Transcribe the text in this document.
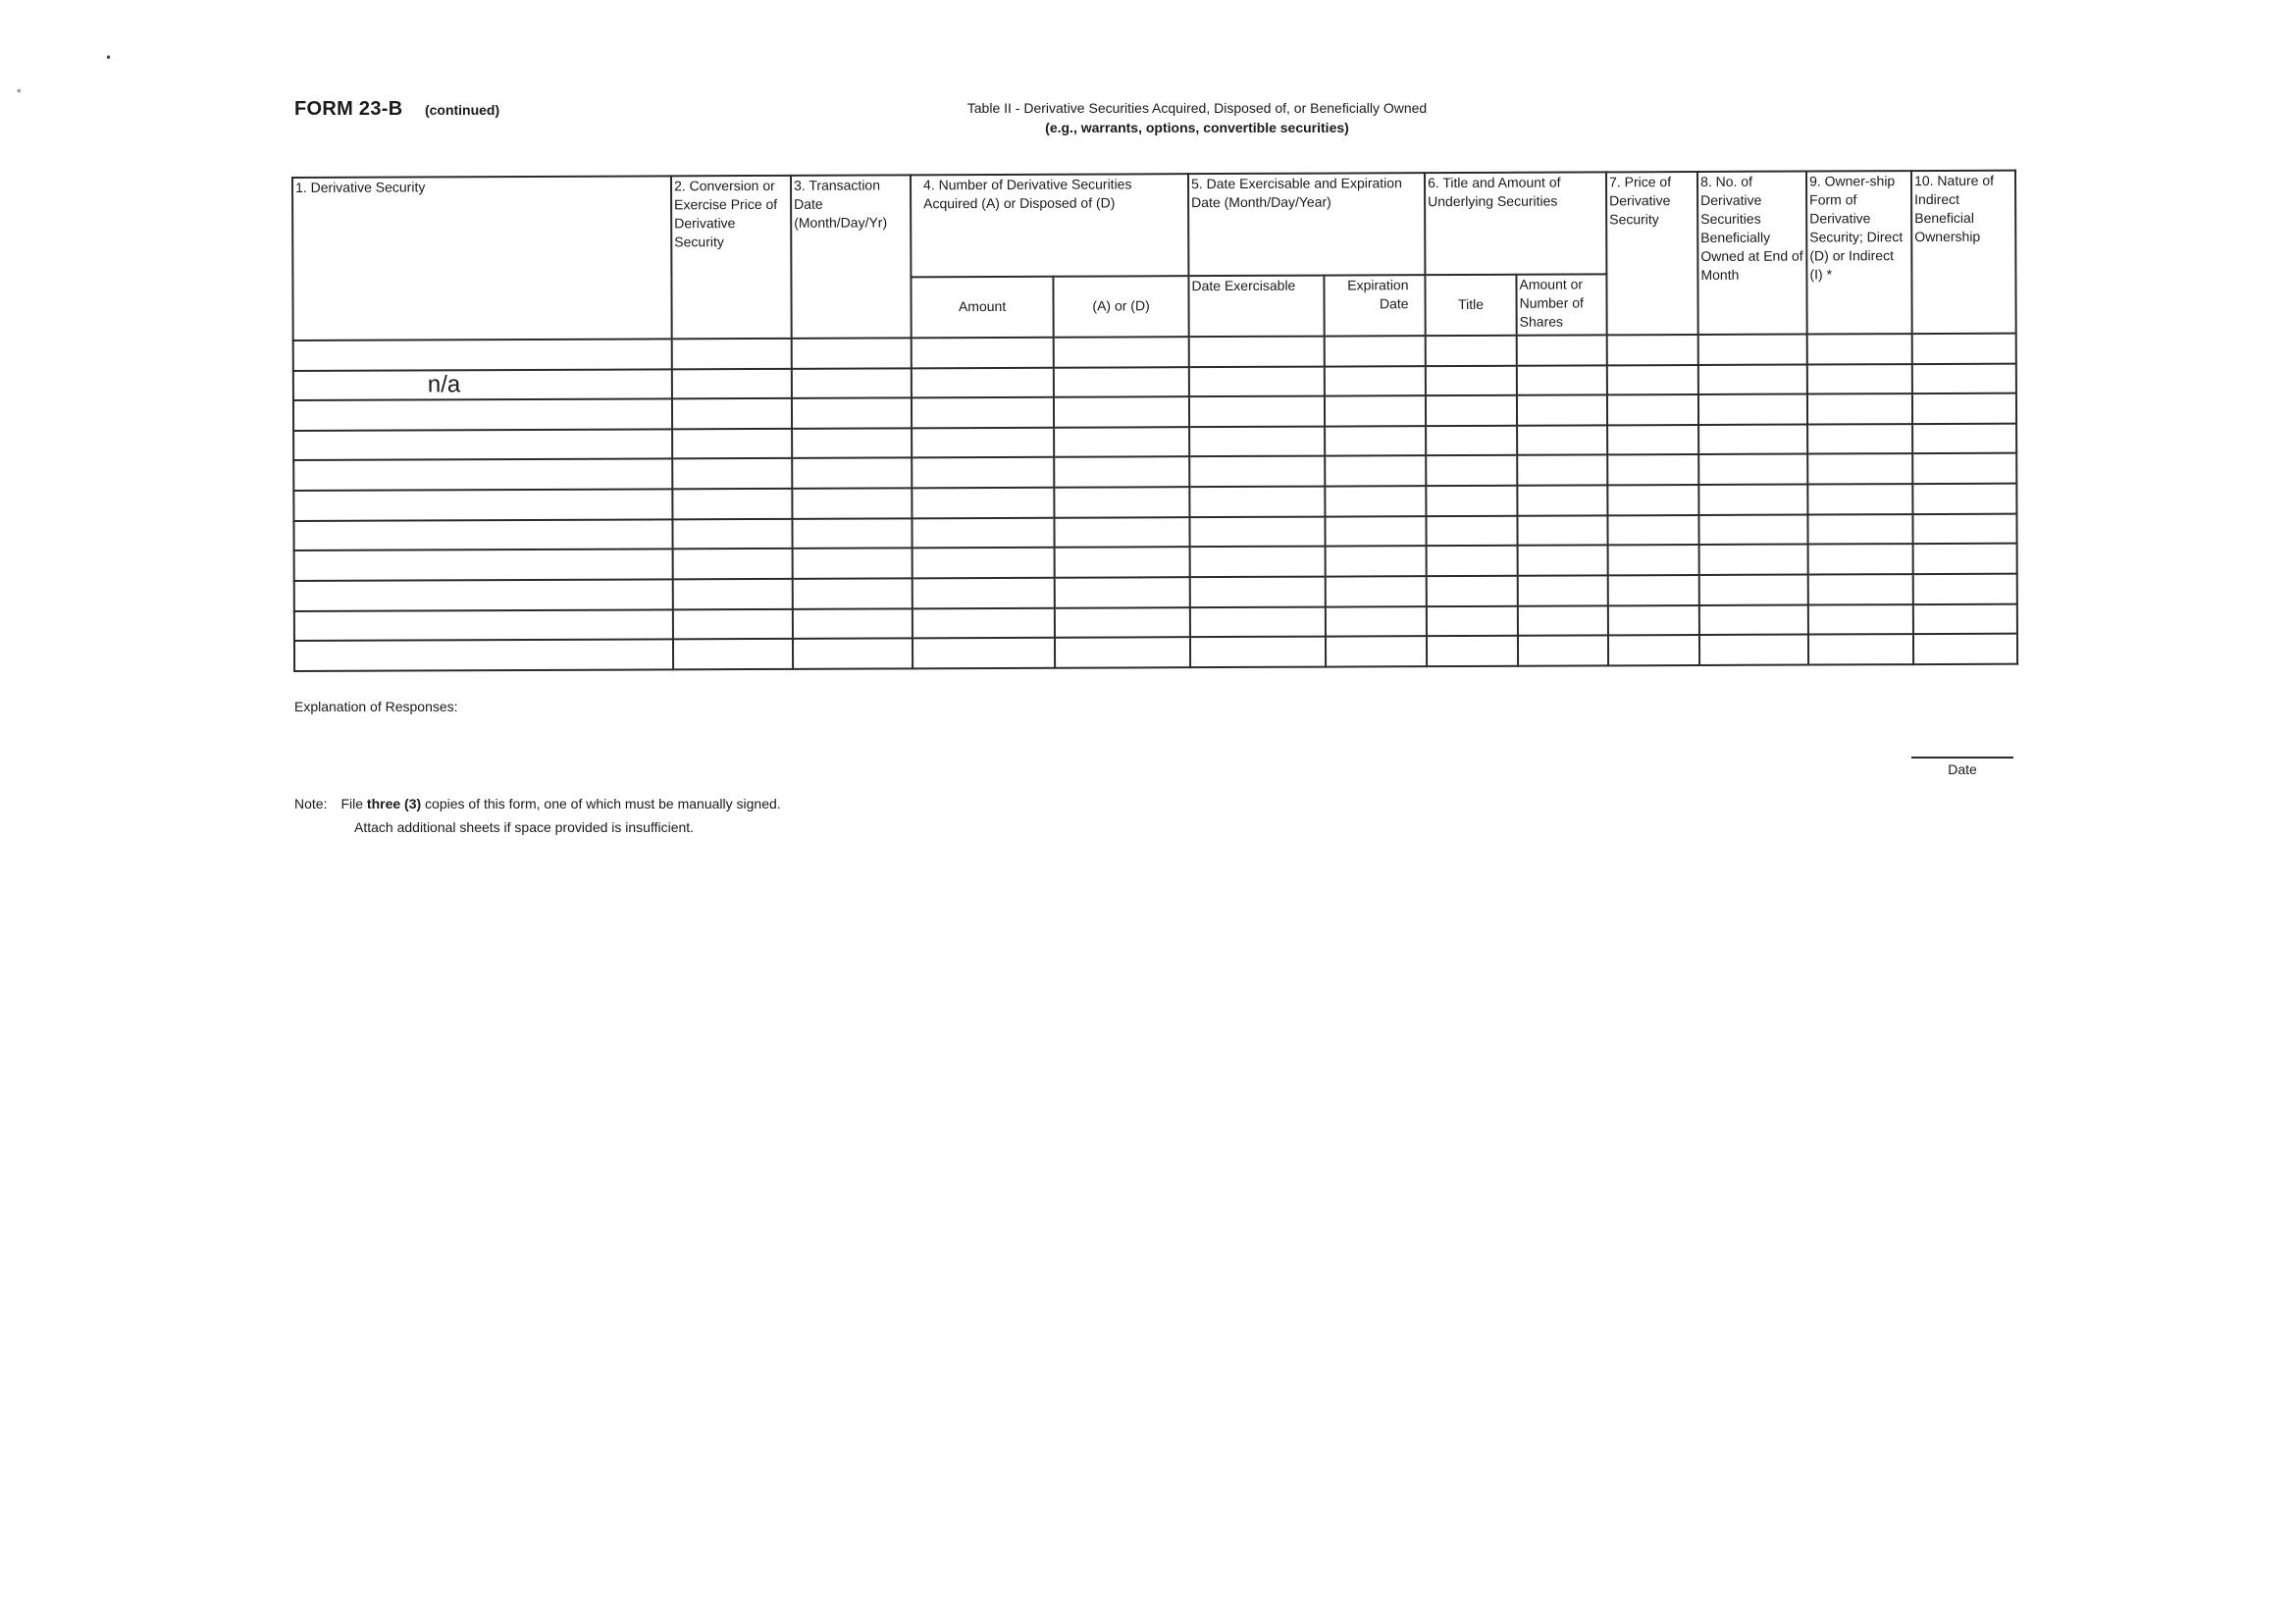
•
*
FORM 23-B (continued)	Table II - Derivative Securities Acquired, Disposed of, or Beneficially Owned
(e.g., warrants, options, convertible securities)
1. Derivative Security	2. Conversion or Exercise Price of Derivative Security	3. Transaction Date (Month/Day/Yr)	4. Number of Derivative Securities Acquired (A) or Disposed of (D)		5. Date Exercisable and Expiration Date (Month/Day/Year)		6. Title and Amount of Underlying Securities		7. Price of Derivative Security	8. No. of Derivative Securities Beneficially Owned at End of Month	9. Owner-ship Form of Derivative Security; Direct (D) or Indirect (I) *	10. Nature of Indirect Beneficial Ownership
			Amount	(A) or (D)	Date Exercisable	Expiration Date	Title	Amount or Number of Shares				

n/a												

Explanation of Responses:
Date
Note: File three (3) copies of this form, one of which must be manually signed.
Attach additional sheets if space provided is insufficient.
